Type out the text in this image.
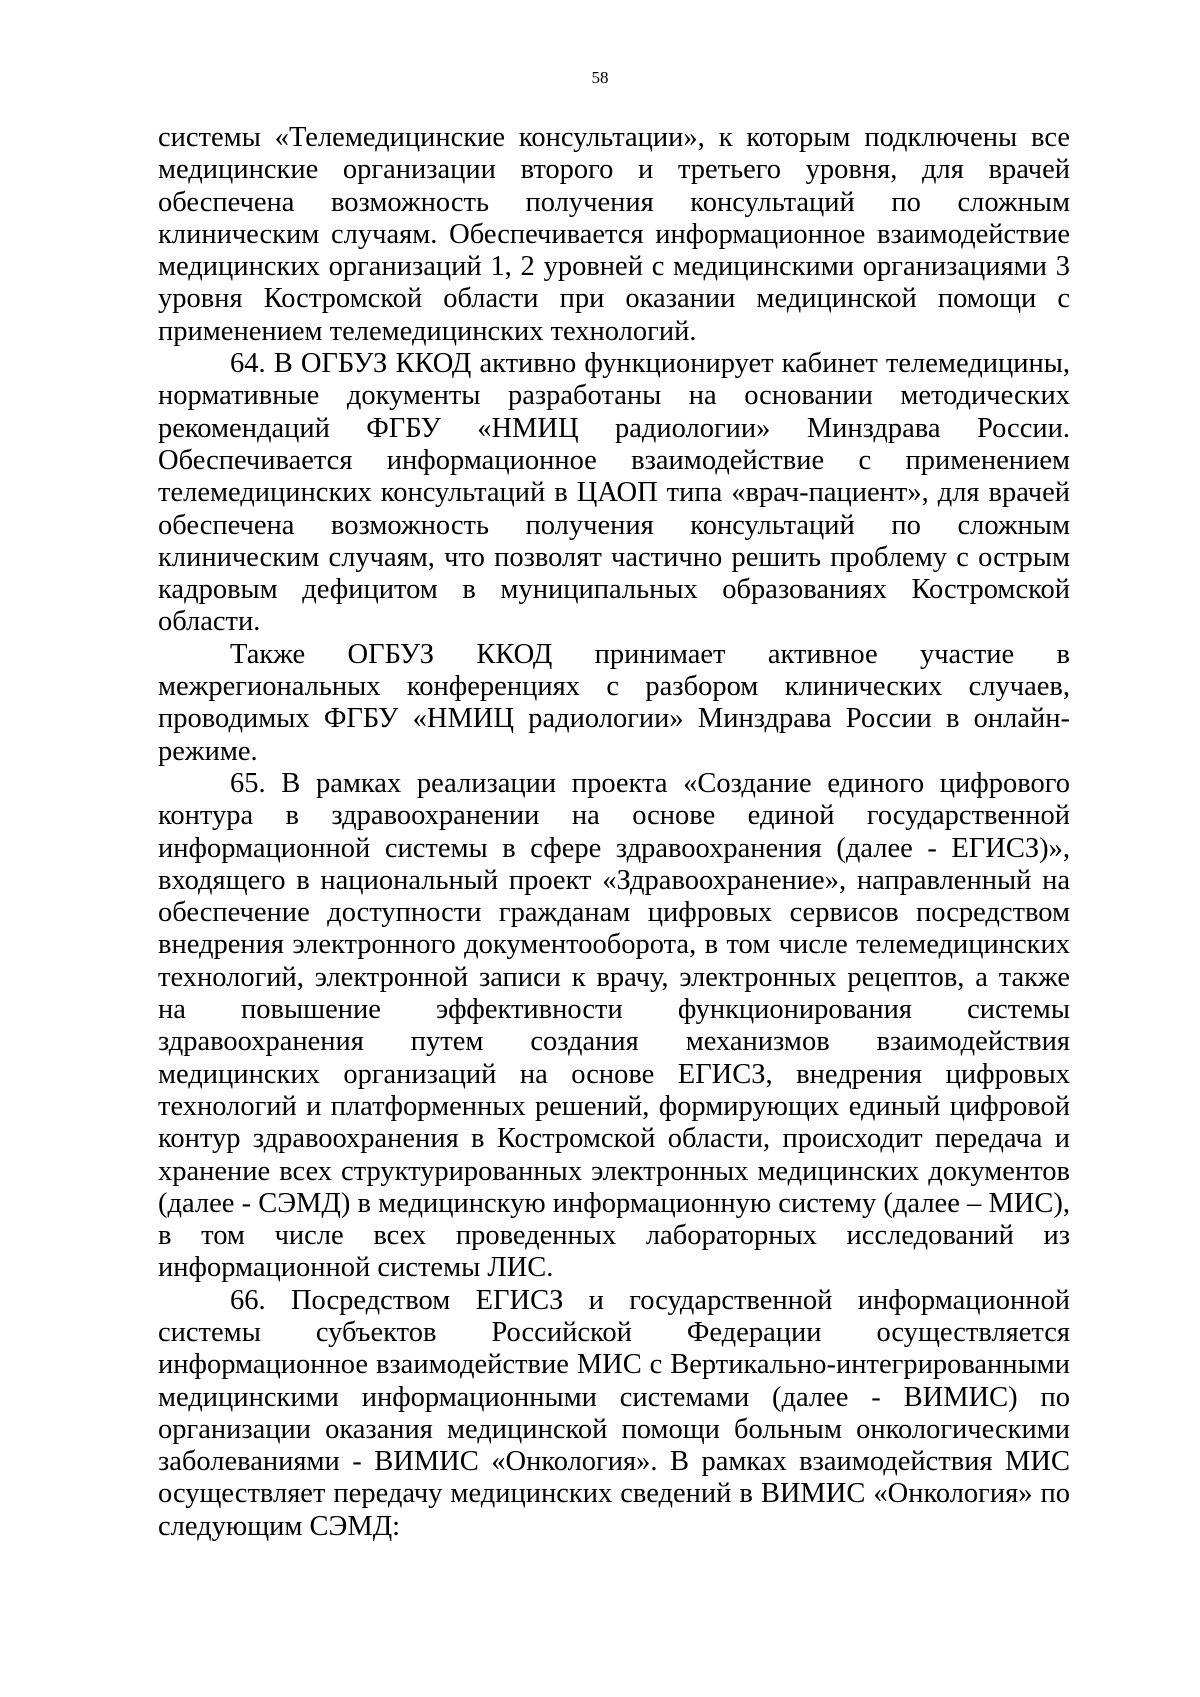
58

системы «Телемедицинские консультации», к которым подключены все медицинские организации второго и третьего уровня, для врачей обеспечена возможность получения консультаций по сложным клиническим случаям. Обеспечивается информационное взаимодействие медицинских организаций 1, 2 уровней с медицинскими организациями 3 уровня Костромской области при оказании медицинской помощи с применением телемедицинских технологий.

64. В ОГБУЗ ККОД активно функционирует кабинет телемедицины, нормативные документы разработаны на основании методических рекомендаций ФГБУ «НМИЦ радиологии» Минздрава России. Обеспечивается информационное взаимодействие с применением телемедицинских консультаций в ЦАОП типа «врач-пациент», для врачей обеспечена возможность получения консультаций по сложным клиническим случаям, что позволят частично решить проблему с острым кадровым дефицитом в муниципальных образованиях Костромской области.

Также ОГБУЗ ККОД принимает активное участие в межрегиональных конференциях с разбором клинических случаев, проводимых ФГБУ «НМИЦ радиологии» Минздрава России в онлайн-режиме.

65. В рамках реализации проекта «Создание единого цифрового контура в здравоохранении на основе единой государственной информационной системы в сфере здравоохранения (далее - ЕГИСЗ)», входящего в национальный проект «Здравоохранение», направленный на обеспечение доступности гражданам цифровых сервисов посредством внедрения электронного документооборота, в том числе телемедицинских технологий, электронной записи к врачу, электронных рецептов, а также на повышение эффективности функционирования системы здравоохранения путем создания механизмов взаимодействия медицинских организаций на основе ЕГИСЗ, внедрения цифровых технологий и платформенных решений, формирующих единый цифровой контур здравоохранения в Костромской области, происходит передача и хранение всех структурированных электронных медицинских документов (далее - СЭМД) в медицинскую информационную систему (далее – МИС), в том числе всех проведенных лабораторных исследований из информационной системы ЛИС.

66. Посредством ЕГИСЗ и государственной информационной системы субъектов Российской Федерации осуществляется информационное взаимодействие МИС с Вертикально-интегрированными медицинскими информационными системами (далее - ВИМИС) по организации оказания медицинской помощи больным онкологическими заболеваниями - ВИМИС «Онкология». В рамках взаимодействия МИС осуществляет передачу медицинских сведений в ВИМИС «Онкология» по следующим СЭМД:
